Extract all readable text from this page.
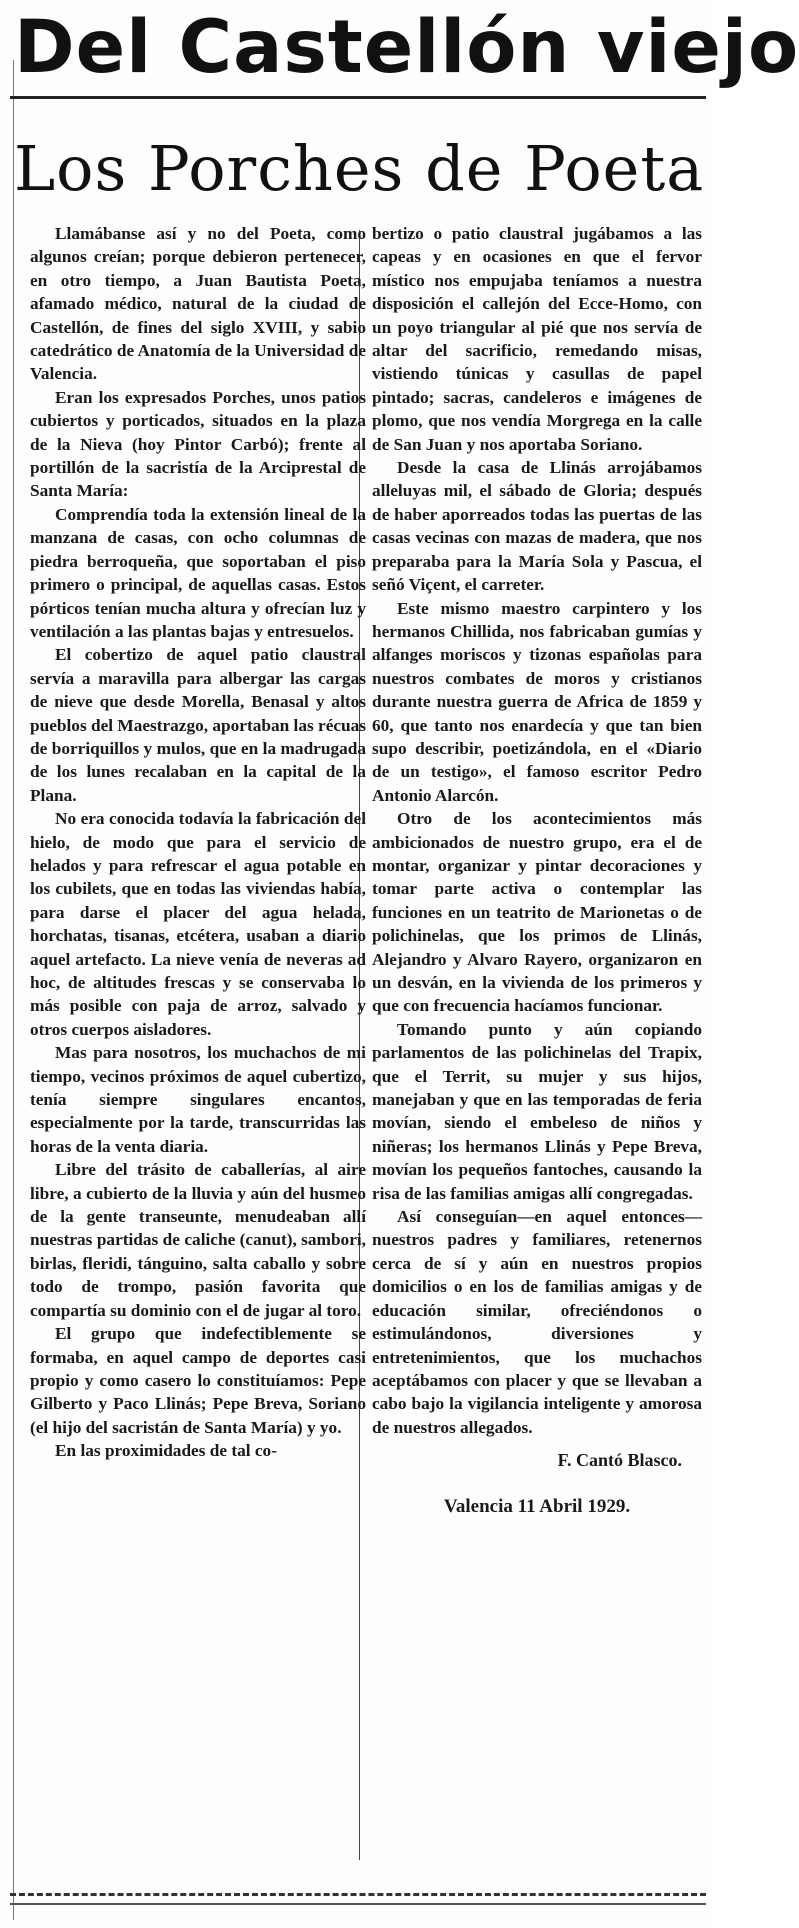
Del Castellón viejo
Los Porches de Poeta

Llamábanse así y no del Poeta, como algunos creían; porque debieron pertenecer, en otro tiempo, a Juan Bautista Poeta, afamado médico, natural de la ciudad de Castellón, de fines del siglo XVIII, y sabio catedrático de Anatomía de la Universidad de Valencia.

Eran los expresados Porches, unos patios cubiertos y porticados, situados en la plaza de la Nieva (hoy Pintor Carbó); frente al portillón de la sacristía de la Arciprestal de Santa María:

Comprendía toda la extensión lineal de la manzana de casas, con ocho columnas de piedra berroqueña, que soportaban el piso primero o principal, de aquellas casas. Estos pórticos tenían mucha altura y ofrecían luz y ventilación a las plantas bajas y entresuelos.

El cobertizo de aquel patio claustral servía a maravilla para albergar las cargas de nieve que desde Morella, Benasal y altos pueblos del Maestrazgo, aportaban las récuas de borriquillos y mulos, que en la madrugada de los lunes recalaban en la capital de la Plana.

No era conocida todavía la fabricación del hielo, de modo que para el servicio de helados y para refrescar el agua potable en los cubilets, que en todas las viviendas había, para darse el placer del agua helada, horchatas, tisanas, etcétera, usaban a diario aquel artefacto. La nieve venía de neveras ad hoc, de altitudes frescas y se conservaba lo más posible con paja de arroz, salvado y otros cuerpos aisladores.

Mas para nosotros, los muchachos de mi tiempo, vecinos próximos de aquel cubertizo, tenía siempre singulares encantos, especialmente por la tarde, transcurridas las horas de la venta diaria.

Libre del trásito de caballerías, al aire libre, a cubierto de la lluvia y aún del husmeo de la gente transeunte, menudeaban allí nuestras partidas de caliche (canut), sambori, birlas, fleridi, tánguino, salta caballo y sobre todo de trompo, pasión favorita que compartía su dominio con el de jugar al toro.

El grupo que indefectiblemente se formaba, en aquel campo de deportes casi propio y como casero lo constituíamos: Pepe Gilberto y Paco Llinás; Pepe Breva, Soriano (el hijo del sacristán de Santa María) y yo.

En las proximidades de tal co-

bertizo o patio claustral jugábamos a las capeas y en ocasiones en que el fervor místico nos empujaba teníamos a nuestra disposición el callejón del Ecce-Homo, con un poyo triangular al pié que nos servía de altar del sacrificio, remedando misas, vistiendo túnicas y casullas de papel pintado; sacras, candeleros e imágenes de plomo, que nos vendía Morgrega en la calle de San Juan y nos aportaba Soriano.

Desde la casa de Llinás arrojábamos alleluyas mil, el sábado de Gloria; después de haber aporreados todas las puertas de las casas vecinas con mazas de madera, que nos preparaba para la María Sola y Pascua, el señó Viçent, el carreter.

Este mismo maestro carpintero y los hermanos Chillida, nos fabricaban gumías y alfanges moriscos y tizonas españolas para nuestros combates de moros y cristianos durante nuestra guerra de Africa de 1859 y 60, que tanto nos enardecía y que tan bien supo describir, poetizándola, en el «Diario de un testigo», el famoso escritor Pedro Antonio Alarcón.

Otro de los acontecimientos más ambicionados de nuestro grupo, era el de montar, organizar y pintar decoraciones y tomar parte activa o contemplar las funciones en un teatrito de Marionetas o de polichinelas, que los primos de Llinás, Alejandro y Alvaro Rayero, organizaron en un desván, en la vivienda de los primeros y que con frecuencia hacíamos funcionar.

Tomando punto y aún copiando parlamentos de las polichinelas del Trapix, que el Territ, su mujer y sus hijos, manejaban y que en las temporadas de feria movían, siendo el embeleso de niños y niñeras; los hermanos Llinás y Pepe Breva, movían los pequeños fantoches, causando la risa de las familias amigas allí congregadas.

Así conseguían—en aquel entonces—nuestros padres y familiares, retenernos cerca de sí y aún en nuestros propios domicilios o en los de familias amigas y de educación similar, ofreciéndonos o estimulándonos, diversiones y entretenimientos, que los muchachos aceptábamos con placer y que se llevaban a cabo bajo la vigilancia inteligente y amorosa de nuestros allegados.

F. Cantó Blasco.
Valencia 11 Abril 1929.
